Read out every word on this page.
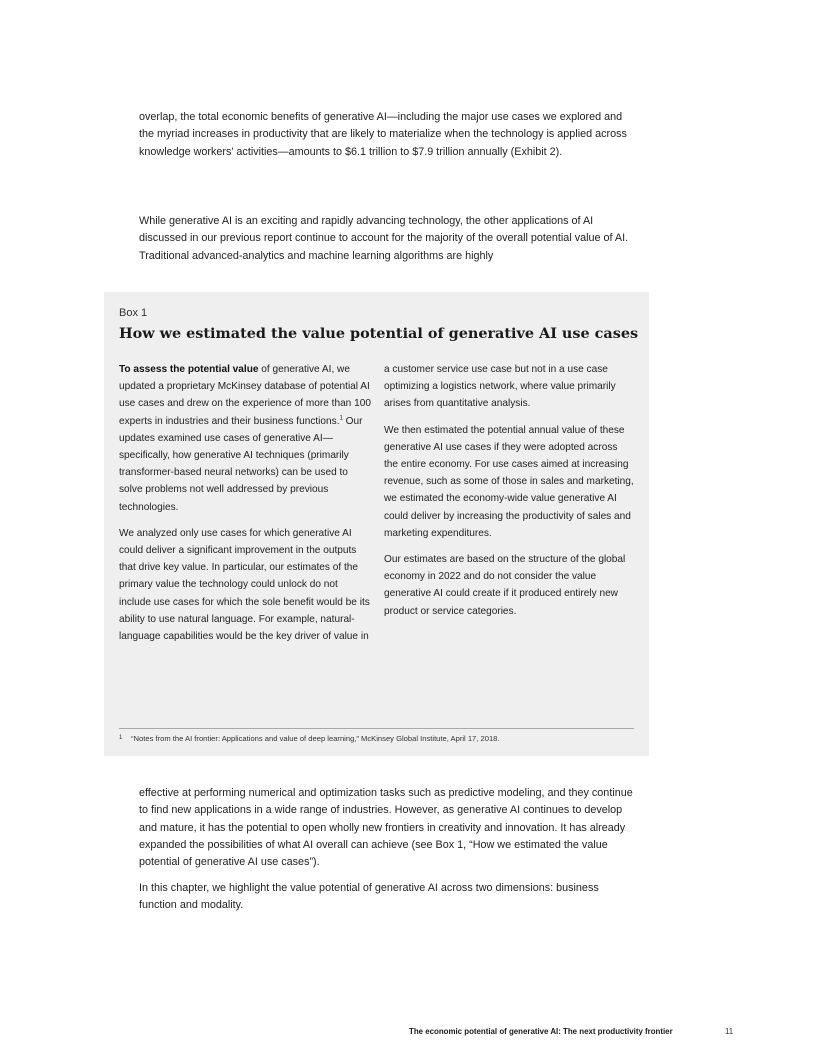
overlap, the total economic benefits of generative AI—including the major use cases we explored and the myriad increases in productivity that are likely to materialize when the technology is applied across knowledge workers’ activities—amounts to $6.1 trillion to $7.9 trillion annually (Exhibit 2).

While generative AI is an exciting and rapidly advancing technology, the other applications of AI discussed in our previous report continue to account for the majority of the overall potential value of AI. Traditional advanced-analytics and machine learning algorithms are highly

Box 1
How we estimated the value potential of generative AI use cases

To assess the potential value of generative AI, we updated a proprietary McKinsey database of potential AI use cases and drew on the experience of more than 100 experts in industries and their business functions.$^1$ Our updates examined use cases of generative AI—specifically, how generative AI techniques (primarily transformer-based neural networks) can be used to solve problems not well addressed by previous technologies.

We analyzed only use cases for which generative AI could deliver a significant improvement in the outputs that drive key value. In particular, our estimates of the primary value the technology could unlock do not include use cases for which the sole benefit would be its ability to use natural language. For example, natural-language capabilities would be the key driver of value in

a customer service use case but not in a use case optimizing a logistics network, where value primarily arises from quantitative analysis.

We then estimated the potential annual value of these generative AI use cases if they were adopted across the entire economy. For use cases aimed at increasing revenue, such as some of those in sales and marketing, we estimated the economy-wide value generative AI could deliver by increasing the productivity of sales and marketing expenditures.

Our estimates are based on the structure of the global economy in 2022 and do not consider the value generative AI could create if it produced entirely new product or service categories.

1 “Notes from the AI frontier: Applications and value of deep learning,” McKinsey Global Institute, April 17, 2018.

effective at performing numerical and optimization tasks such as predictive modeling, and they continue to find new applications in a wide range of industries. However, as generative AI continues to develop and mature, it has the potential to open wholly new frontiers in creativity and innovation. It has already expanded the possibilities of what AI overall can achieve (see Box 1, “How we estimated the value potential of generative AI use cases”).

In this chapter, we highlight the value potential of generative AI across two dimensions: business function and modality.

The economic potential of generative AI: The next productivity frontier	11
